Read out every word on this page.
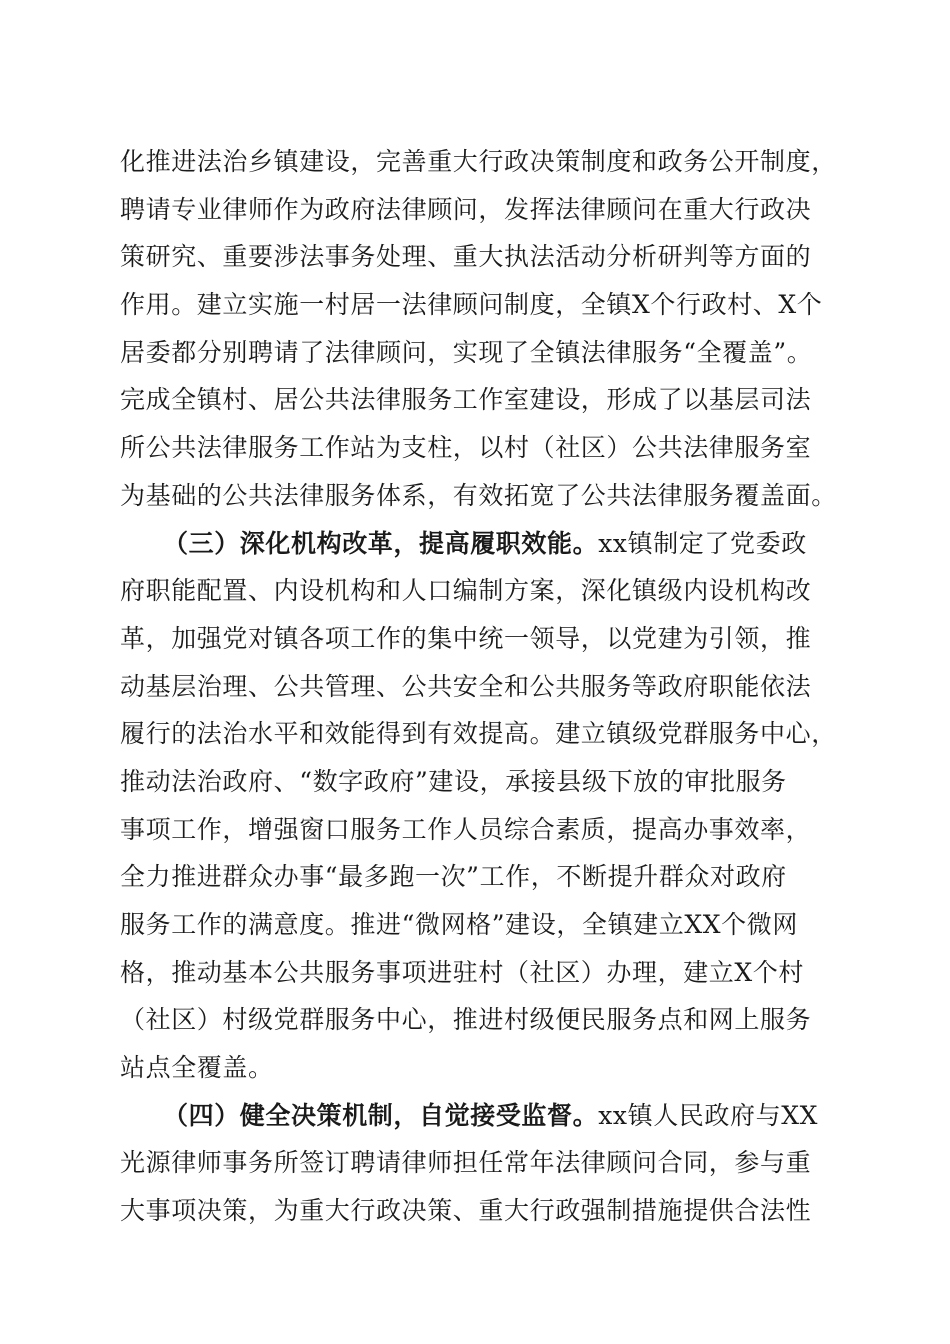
化推进法治乡镇建设，完善重大行政决策制度和政务公开制度，
聘请专业律师作为政府法律顾问，发挥法律顾问在重大行政决
策研究、重要涉法事务处理、重大执法活动分析研判等方面的
作用。建立实施一村居一法律顾问制度，全镇X个行政村、X个
居委都分别聘请了法律顾问，实现了全镇法律服务“全覆盖”。
完成全镇村、居公共法律服务工作室建设，形成了以基层司法
所公共法律服务工作站为支柱，以村（社区）公共法律服务室
为基础的公共法律服务体系，有效拓宽了公共法律服务覆盖面。
（三）深化机构改革，提高履职效能。xx镇制定了党委政
府职能配置、内设机构和人口编制方案，深化镇级内设机构改
革，加强党对镇各项工作的集中统一领导，以党建为引领，推
动基层治理、公共管理、公共安全和公共服务等政府职能依法
履行的法治水平和效能得到有效提高。建立镇级党群服务中心，
推动法治政府、“数字政府”建设，承接县级下放的审批服务
事项工作，增强窗口服务工作人员综合素质，提高办事效率，
全力推进群众办事“最多跑一次”工作，不断提升群众对政府
服务工作的满意度。推进“微网格”建设，全镇建立XX个微网
格，推动基本公共服务事项进驻村（社区）办理，建立X个村
（社区）村级党群服务中心，推进村级便民服务点和网上服务
站点全覆盖。
（四）健全决策机制，自觉接受监督。xx镇人民政府与XX
光源律师事务所签订聘请律师担任常年法律顾问合同，参与重
大事项决策，为重大行政决策、重大行政强制措施提供合法性
